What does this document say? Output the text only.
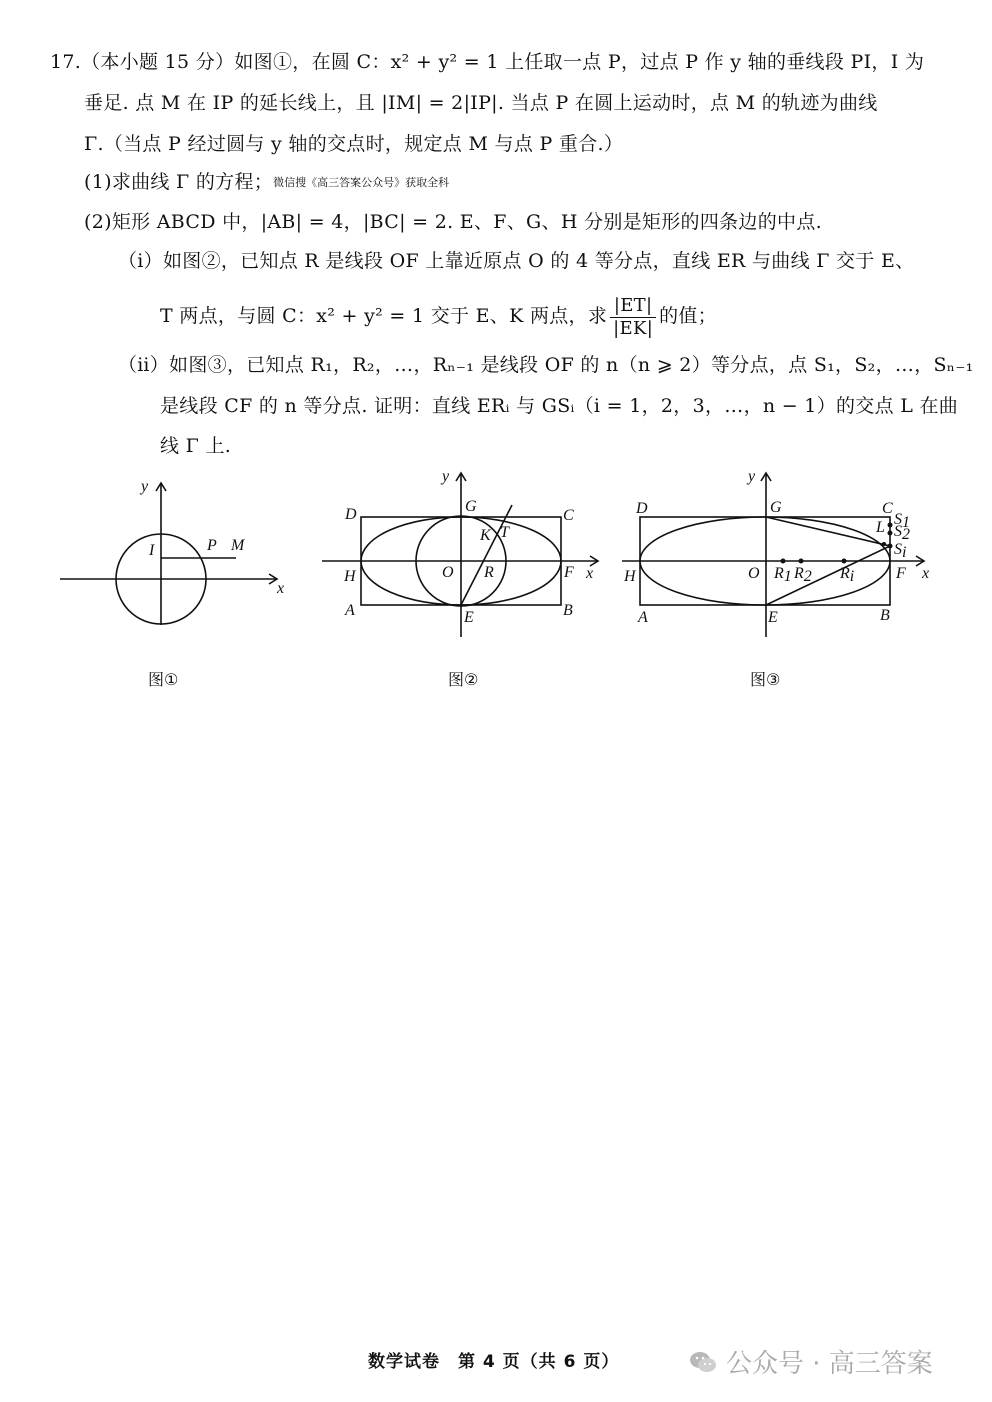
17.（本小题 15 分）如图①，在圆 C：x² + y² = 1 上任取一点 P，过点 P 作 y 轴的垂线段 PI，I 为
垂足. 点 M 在 IP 的延长线上，且 |IM| = 2|IP|. 当点 P 在圆上运动时，点 M 的轨迹为曲线
Γ.（当点 P 经过圆与 y 轴的交点时，规定点 M 与点 P 重合.）
(1)求曲线 Γ 的方程；微信搜《高三答案公众号》获取全科
(2)矩形 ABCD 中，|AB| = 4，|BC| = 2. E、F、G、H 分别是矩形的四条边的中点.
（ⅰ）如图②，已知点 R 是线段 OF 上靠近原点 O 的 4 等分点，直线 ER 与曲线 Γ 交于 E、
T 两点，与圆 C：x² + y² = 1 交于 E、K 两点，求 $\frac{|ET|}{|EK|}$ 的值；
（ⅱ）如图③，已知点 R₁，R₂，…，Rₙ₋₁ 是线段 OF 的 n（n ⩾ 2）等分点，点 S₁，S₂，…，Sₙ₋₁
是线段 CF 的 n 等分点. 证明：直线 ERᵢ 与 GSᵢ（i = 1，2，3，…，n − 1）的交点 L 在曲
线 Γ 上.
y
x
I	P M
图①
y
x
D	G
C
K T
H	O R	F
A	E	B
图②
y
x
D	G	C
L S1
S2
Si
H	O R1 R2 Ri	F
A	E	B
图③
数学试卷　第 4 页（共 6 页）	公众号 · 高三答案
